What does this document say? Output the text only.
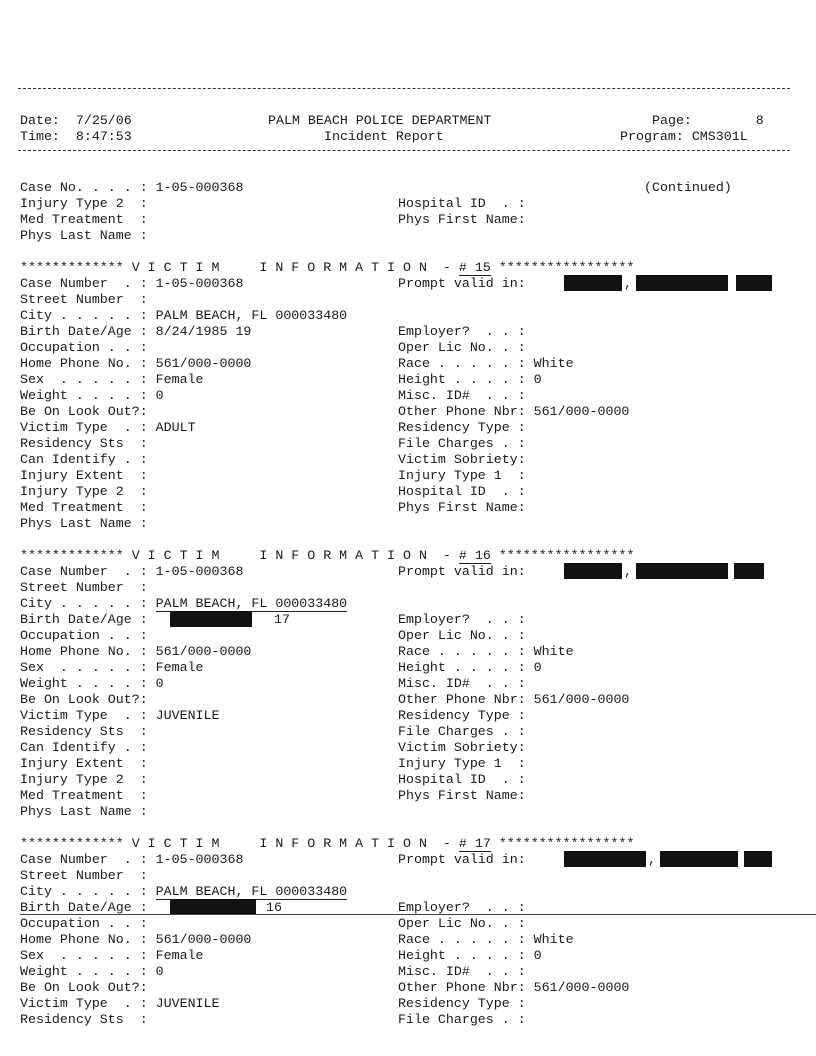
Date: 7/25/06
Time: 8:47:53
PALM BEACH POLICE DEPARTMENT
Incident Report
Page:	8
Program: CMS301L
Case No. . . . : 1-05-000368	(Continued)
Injury Type 2  :	Hospital ID  . :
Med Treatment  :	Phys First Name:
Phys Last Name :
************* V I C T I M     I N F O R M A T I O N  - # 15 *****************
Case Number  . : 1-05-000368	Prompt valid in:	,
Street Number  :
City . . . . . : PALM BEACH, FL 000033480
Birth Date/Age : 8/24/1985 19	Employer?  . . :
Occupation . . :	Oper Lic No. . :
Home Phone No. : 561/000-0000	Race . . . . . : White
Sex  . . . . . : Female	Height . . . . : 0
Weight . . . . : 0	Misc. ID#  . . :
Be On Look Out?:	Other Phone Nbr: 561/000-0000
Victim Type  . : ADULT	Residency Type :
Residency Sts  :	File Charges . :
Can Identify . :	Victim Sobriety:
Injury Extent  :	Injury Type 1  :
Injury Type 2  :	Hospital ID  . :
Med Treatment  :	Phys First Name:
Phys Last Name :
************* V I C T I M     I N F O R M A T I O N  - # 16 *****************
Case Number  . : 1-05-000368	Prompt valid in:	,
Street Number  :
City . . . . . : PALM BEACH, FL 000033480
Birth Date/Age :	17	Employer?  . . :
Occupation . . :	Oper Lic No. . :
Home Phone No. : 561/000-0000	Race . . . . . : White
Sex  . . . . . : Female	Height . . . . : 0
Weight . . . . : 0	Misc. ID#  . . :
Be On Look Out?:	Other Phone Nbr: 561/000-0000
Victim Type  . : JUVENILE	Residency Type :
Residency Sts  :	File Charges . :
Can Identify . :	Victim Sobriety:
Injury Extent  :	Injury Type 1  :
Injury Type 2  :	Hospital ID  . :
Med Treatment  :	Phys First Name:
Phys Last Name :
************* V I C T I M     I N F O R M A T I O N  - # 17 *****************
Case Number  . : 1-05-000368	Prompt valid in:	,
Street Number  :
City . . . . . : PALM BEACH, FL 000033480
Birth Date/Age :	16	Employer?  . . :
Occupation . . :	Oper Lic No. . :
Home Phone No. : 561/000-0000	Race . . . . . : White
Sex  . . . . . : Female	Height . . . . : 0
Weight . . . . : 0	Misc. ID#  . . :
Be On Look Out?:	Other Phone Nbr: 561/000-0000
Victim Type  . : JUVENILE	Residency Type :
Residency Sts  :	File Charges . :
